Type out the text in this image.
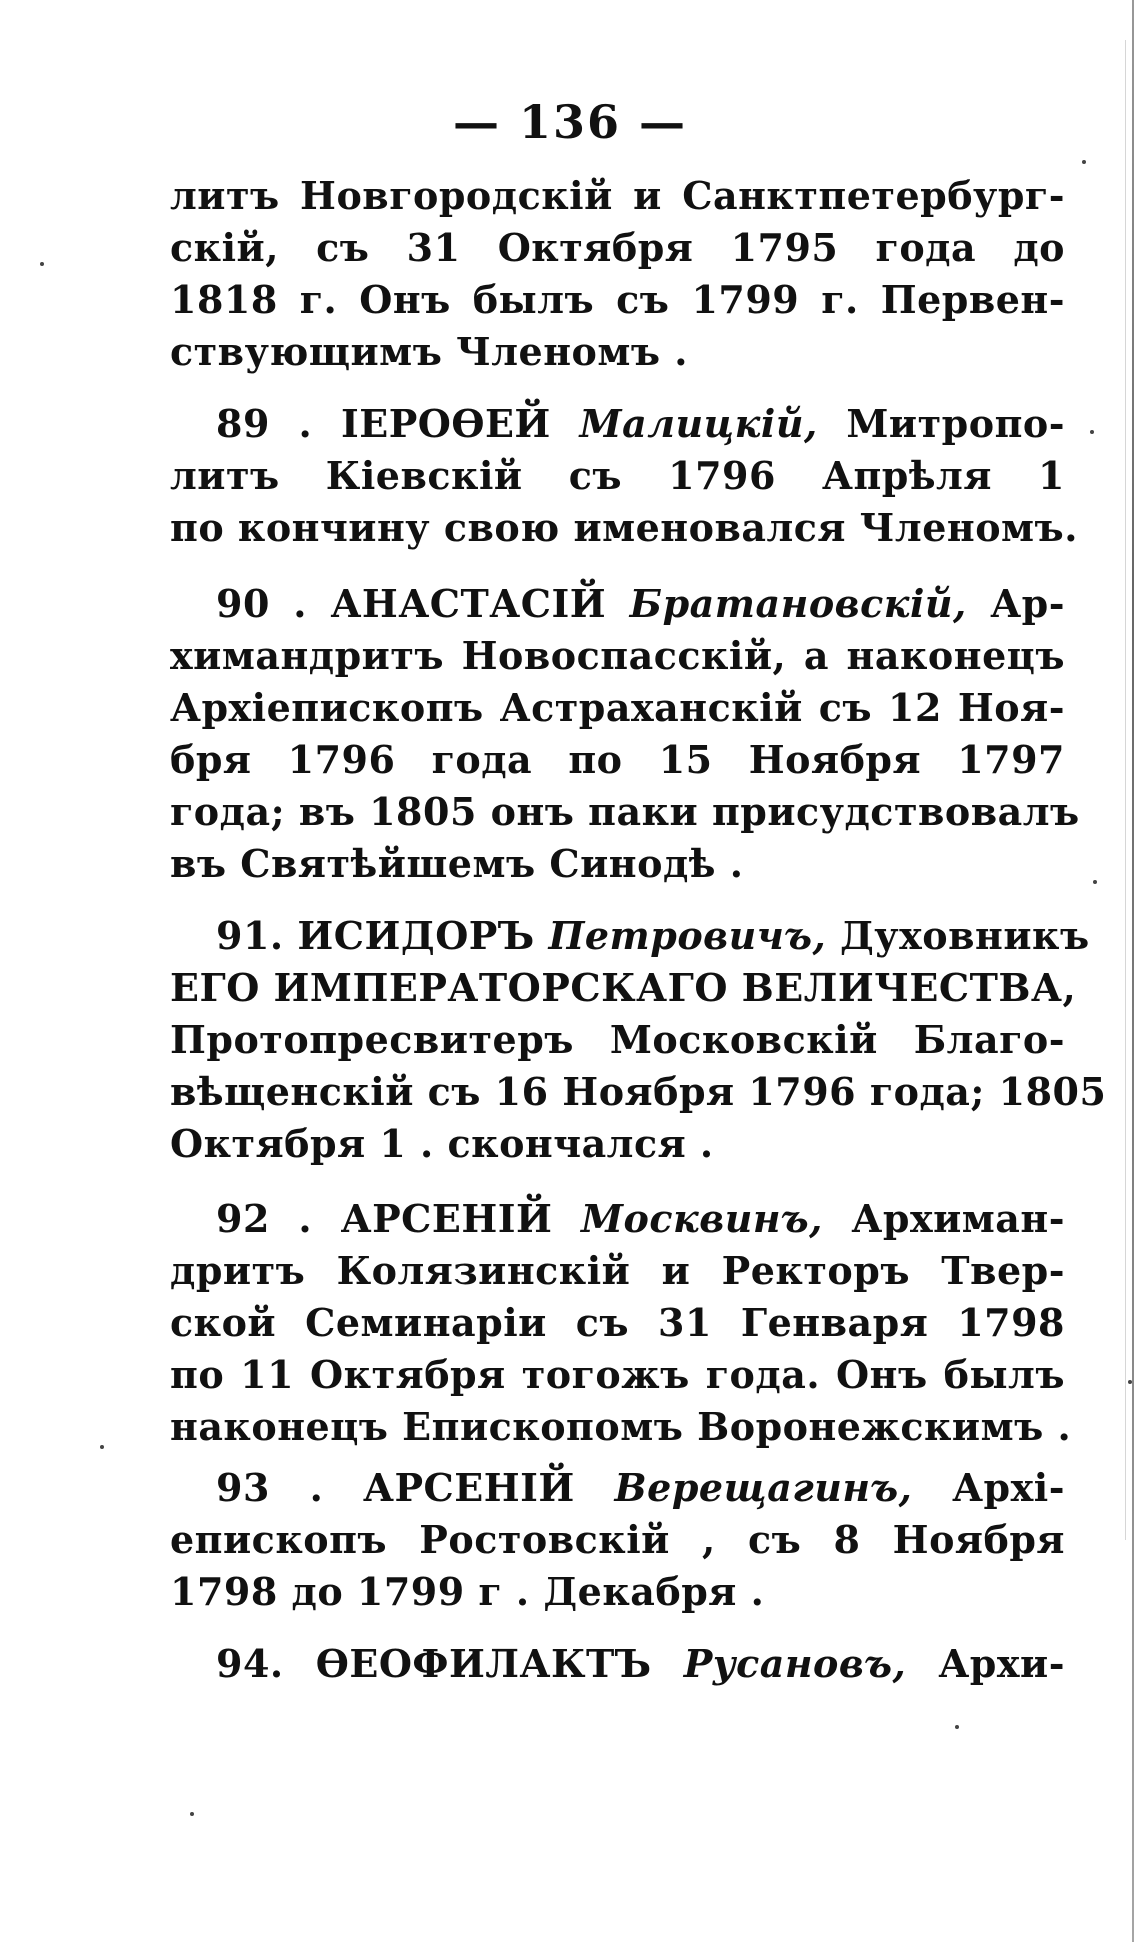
— 136 —
литъ Новгородскій и Санктпетербург-
скій, съ 31 Октября 1795 года до
1818 г. Онъ былъ съ 1799 г. Первен-
ствующимъ Членомъ .
89 . ІЕРОѲЕЙ Малицкій, Митропо-
литъ Кіевскій съ 1796 Апрѣля 1
по кончину свою именовался Членомъ.
90 . АНАСТАСІЙ Братановскій, Ар-
химандритъ Новоспасскій, а наконецъ
Архіепископъ Астраханскій съ 12 Ноя-
бря 1796 года по 15 Ноября 1797
года; въ 1805 онъ паки присудствовалъ
въ Святѣйшемъ Синодѣ .
91. ИСИДОРЪ Петровичъ, Духовникъ
ЕГО ИМПЕРАТОРСКАГО ВЕЛИЧЕСТВА,
Протопресвитеръ Московскій Благо-
вѣщенскій съ 16 Ноября 1796 года; 1805
Октября 1 . скончался .
92 . АРСЕНІЙ Москвинъ, Архиман-
дритъ Колязинскій и Ректоръ Твер-
ской Семинаріи съ 31 Генваря 1798
по 11 Октября тогожъ года. Онъ былъ
наконецъ Епископомъ Воронежскимъ .
93 . АРСЕНІЙ Верещагинъ, Архі-
епископъ Ростовскій , съ 8 Ноября
1798 до 1799 г . Декабря .
94. ѲЕОФИЛАКТЪ Русановъ, Архи-
